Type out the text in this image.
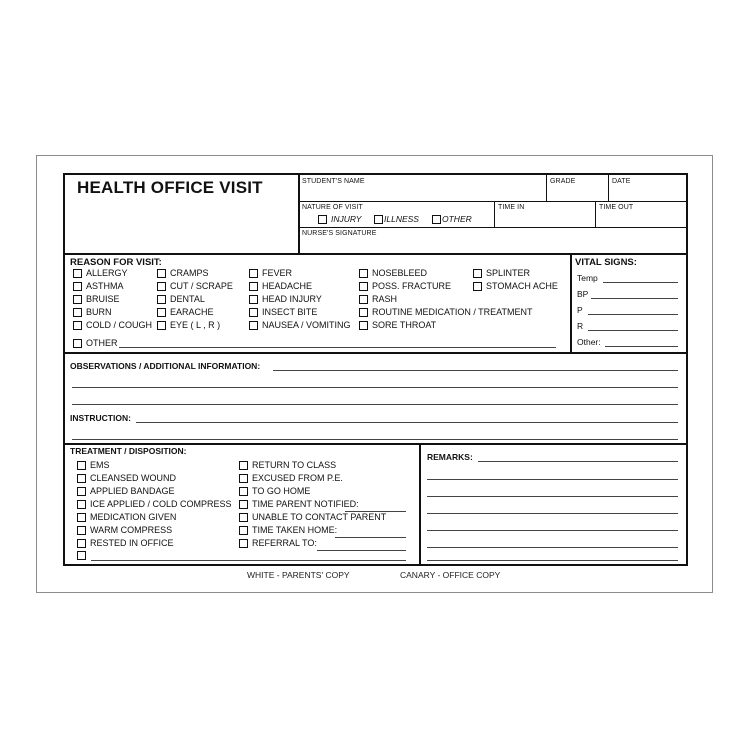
HEALTH OFFICE VISIT	STUDENT'S NAME	GRADE	DATE
NATURE OF VISIT
INJURY	ILLNESS	OTHER
TIME IN	TIME OUT
NURSE'S SIGNATURE
REASON FOR VISIT:
ALLERGY
ASTHMA
BRUISE
BURN
COLD / COUGH
CRAMPS
CUT / SCRAPE
DENTAL
EARACHE
EYE ( L , R )
FEVER
HEADACHE
HEAD INJURY
INSECT BITE
NAUSEA / VOMITING
NOSEBLEED
POSS. FRACTURE
RASH
ROUTINE MEDICATION / TREATMENT
SORE THROAT
SPLINTER
STOMACH ACHE
OTHER
VITAL SIGNS:
Temp
BP
P
R
Other:
OBSERVATIONS / ADDITIONAL INFORMATION:
INSTRUCTION:
TREATMENT / DISPOSITION:
EMS
CLEANSED WOUND
APPLIED BANDAGE
ICE APPLIED / COLD COMPRESS
MEDICATION GIVEN
WARM COMPRESS
RESTED IN OFFICE
RETURN TO CLASS
EXCUSED FROM P.E.
TO GO HOME
TIME PARENT NOTIFIED:
UNABLE TO CONTACT PARENT
TIME TAKEN HOME:
REFERRAL TO:
REMARKS:
WHITE - PARENTS' COPY	CANARY - OFFICE COPY
